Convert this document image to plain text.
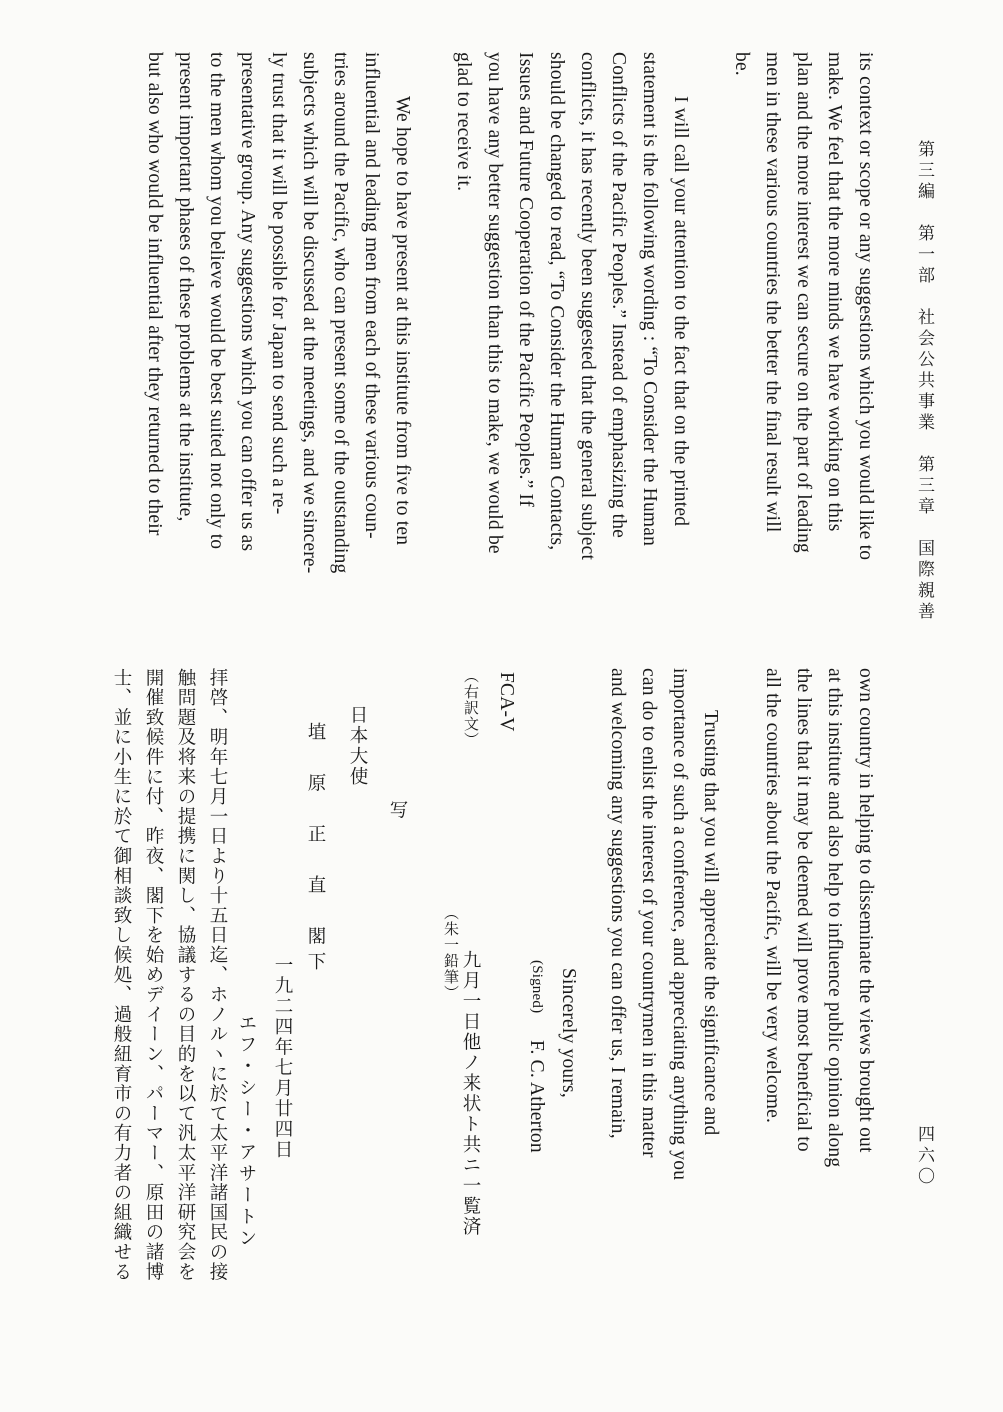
第三編　第一部　社会公共事業　第三章　国際親善
四六〇
its context or scope or any suggestions which you would like to
make. We feel that the more minds we have working on this
plan and the more interest we can secure on the part of leading
men in these various countries the better the final result will
be.
I will call your attention to the fact that on the printed
statement is the following wording : “To Consider the Human
Conflicts of the Pacific Peoples.” Instead of emphasizing the
conflicts, it has recently been suggested that the general subject
should be changed to read, “To Consider the Human Contacts,
Issues and Future Cooperation of the Pacific Peoples.” If
you have any better suggestion than this to make, we would be
glad to receive it.
We hope to have present at this institute from five to ten
influential and leading men from each of these various coun-
tries around the Pacific, who can present some of the outstanding
subjects which will be discussed at the meetings, and we sincere-
ly trust that it will be possible for Japan to send such a re-
presentative group. Any suggestions which you can offer us as
to the men whom you believe would be best suited not only to
present important phases of these problems at the institute,
but also who would be influential after they returned to their
own country in helping to disseminate the views brought out
at this institute and also help to influence public opinion along
the lines that it may be deemed will prove most beneficial to
all the countries about the Pacific, will be very welcome.
Trusting that you will appreciate the significance and
importance of such a conference, and appreciating anything you
can do to enlist the interest of your countrymen in this matter
and welcoming any suggestions you can offer us, I remain,
Sincerely yours,
(Signed)
F. C. Atherton
（朱一鉛筆） 九月一日他ノ来状ト共ニ一覧済
FCA-V
（右訳文）
写
日本大使
埴　原　正　直　閣下
一九二四年七月廿四日
エフ・シー・アサートン
拝啓、明年七月一日より十五日迄、ホノルヽに於て太平洋諸国民の接
触問題及将来の提携に関し、協議するの目的を以て汎太平洋研究会を
開催致候件に付、昨夜、閣下を始めデイーン、パーマー、原田の諸博
士、並に小生に於て御相談致し候処、過般紐育市の有力者の組織せる
